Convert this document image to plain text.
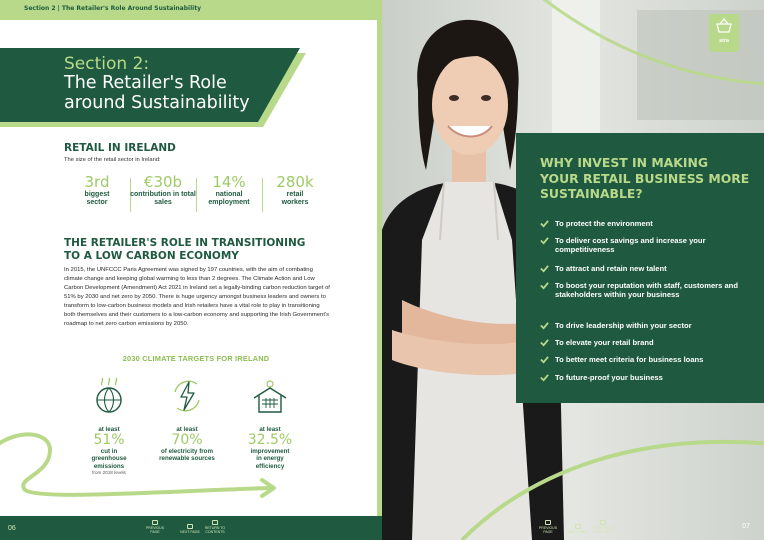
Section 2 | The Retailer's Role Around Sustainability
Section 2:
The Retailer's Role around Sustainability
RETAIL IN IRELAND
The size of the retail sector in Ireland:
3rd
biggest sector
€30b
contribution in total sales
14%
national employment
280k
retail workers
THE RETAILER'S ROLE IN TRANSITIONING TO A LOW CARBON ECONOMY
In 2015, the UNFCCC Paris Agreement was signed by 197 countries, with the aim of combating climate change and keeping global warming to less than 2 degrees. The Climate Action and Low Carbon Development (Amendment) Act 2021 in Ireland set a legally-binding carbon reduction target of 51% by 2030 and net zero by 2050. There is huge urgency amongst business leaders and owners to transform to low-carbon business models and Irish retailers have a vital role to play in transitioning both themselves and their customers to a low-carbon economy and supporting the Irish Government's roadmap to net zero carbon emissions by 2050.
2030 CLIMATE TARGETS FOR IRELAND
at least
51%
cut in greenhouse emissions
from 2018 levels
at least
70%
of electricity from renewable sources
at least
32.5%
improvement in energy efficiency
06	PREVIOUS PAGE	NEXT PAGE
RETURN TO CONTENTS
sira
WHY INVEST IN MAKING YOUR RETAIL BUSINESS MORE SUSTAINABLE?
To protect the environment
To deliver cost savings and increase your competitiveness
To attract and retain new talent
To boost your reputation with staff, customers and stakeholders within your business
To drive leadership within your sector
To elevate your retail brand
To better meet criteria for business loans
To future-proof your business
PREVIOUS PAGE	NEXT PAGE
RETURN TO CONTENTS
07
